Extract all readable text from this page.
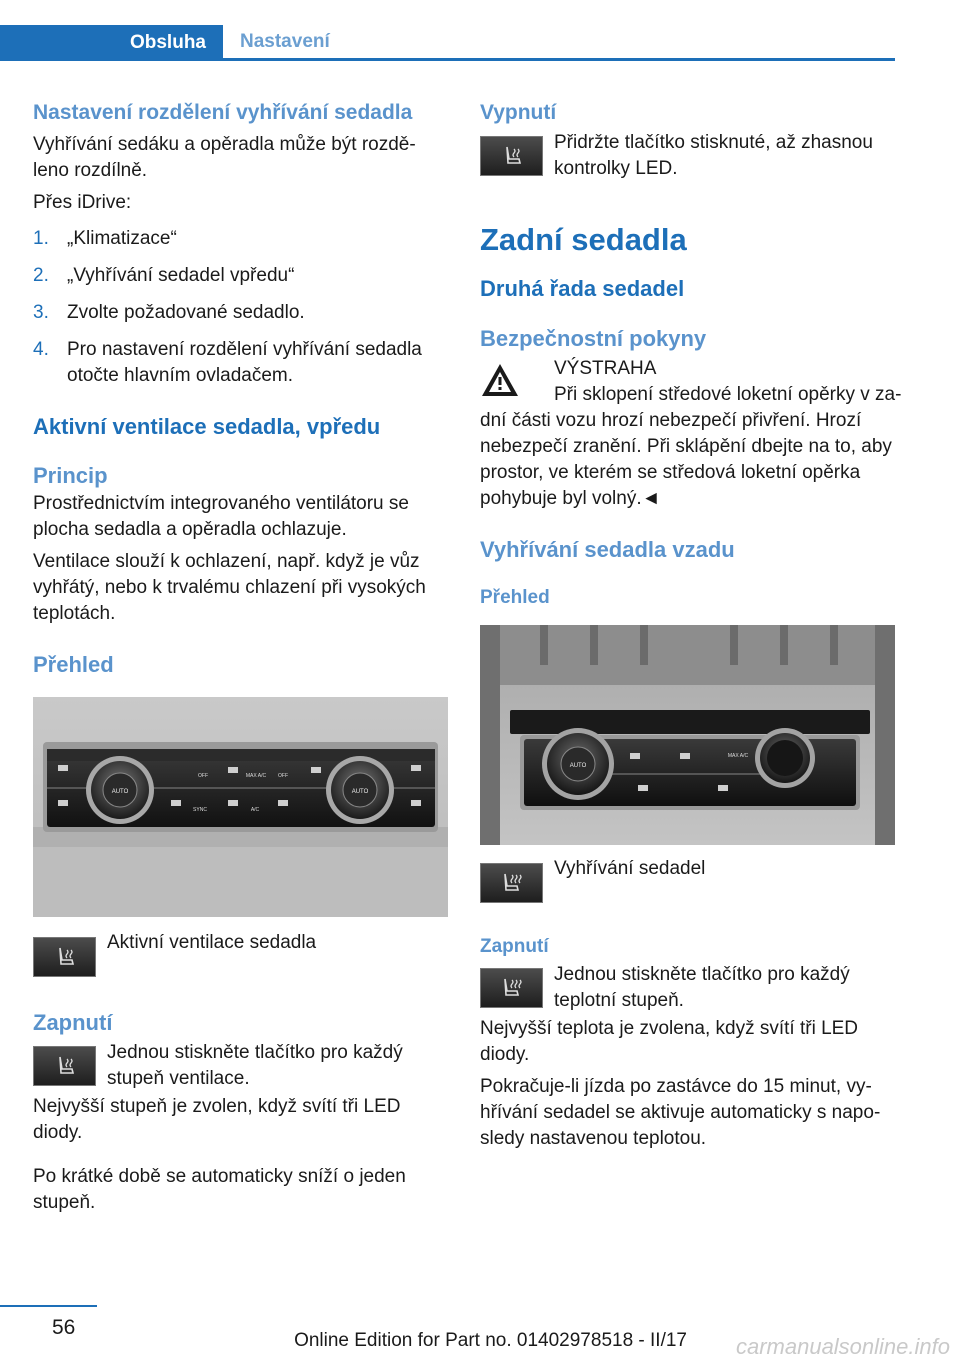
Obsluha	Nastavení
Nastavení rozdělení vyhřívání sedadla

Vyhřívání sedáku a opěradla může být rozdě‐ leno rozdílně.

Přes iDrive:

1. „Klimatizace“
2. „Vyhřívání sedadel vpředu“
3. Zvolte požadované sedadlo.
4. Pro nastavení rozdělení vyhřívání sedadla otočte hlavním ovladačem.
Aktivní ventilace sedadla, vpředu
Princip

Prostřednictvím integrovaného ventilátoru se plocha sedadla a opěradla ochlazuje.

Ventilace slouží k ochlazení, např. když je vůz vyhřátý, nebo k trvalému chlazení při vysokých teplotách.

Přehled
AUTO	AUTO
OFF	OFF
MAX A/C
SYNC	A/C

Aktivní ventilace sedadla

Zapnutí

Jednou stiskněte tlačítko pro každý stupeň ventilace.

Nejvyšší stupeň je zvolen, když svítí tři LED diody.

Po krátké době se automaticky sníží o jeden stupeň.

Vypnutí

Přidržte tlačítko stisknuté, až zhasnou kontrolky LED.

Zadní sedadla
Druhá řada sedadel
Bezpečnostní pokyny

VÝSTRAHA

Při sklopení středové loketní opěrky v za‐

dní části vozu hrozí nebezpečí přivření. Hrozí nebezpečí zranění. Při sklápění dbejte na to, aby prostor, ve kterém se středová loketní opěrka pohybuje byl volný.◄

Vyhřívání sedadla vzadu
Přehled
AUTO
MAX A/C

Vyhřívání sedadel

Zapnutí

Jednou stiskněte tlačítko pro každý teplotní stupeň.

Nejvyšší teplota je zvolena, když svítí tři LED diody.

Pokračuje-li jízda po zastávce do 15 minut, vy‐ hřívání sedadel se aktivuje automaticky s napo‐ sledy nastavenou teplotou.

56
Online Edition for Part no. 01402978518 - II/17 carmanualsonline.info
